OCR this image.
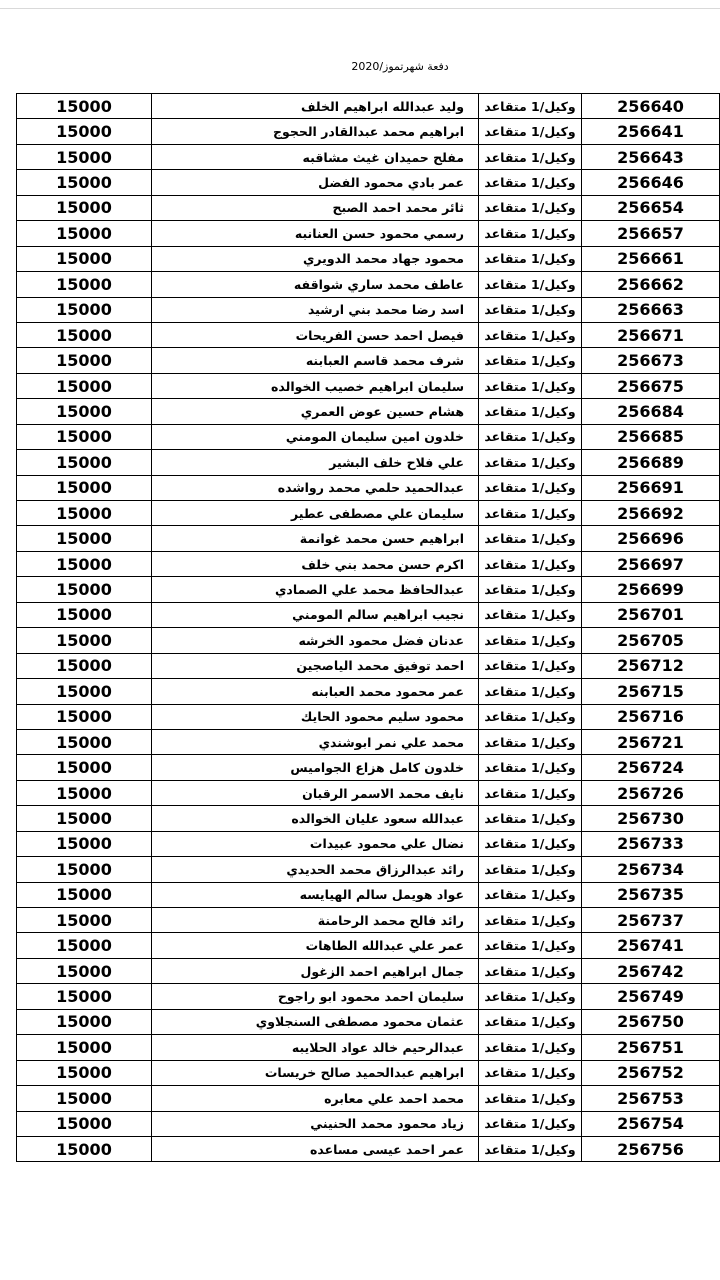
دفعة شهرتموز/2020
15000	وليد عبدالله ابراهيم الخلف	وكيل/1 متقاعد	256640
15000	ابراهيم محمد عبدالقادر الحجوج	وكيل/1 متقاعد	256641
15000	مفلح حميدان غيث مشاقبه	وكيل/1 متقاعد	256643
15000	عمر بادي محمود الفضل	وكيل/1 متقاعد	256646
15000	ثائر محمد احمد الصبح	وكيل/1 متقاعد	256654
15000	رسمي محمود حسن العنانبه	وكيل/1 متقاعد	256657
15000	محمود جهاد محمد الدويري	وكيل/1 متقاعد	256661
15000	عاطف محمد ساري شواقفه	وكيل/1 متقاعد	256662
15000	اسد رضا محمد بني ارشيد	وكيل/1 متقاعد	256663
15000	فيصل احمد حسن الفريحات	وكيل/1 متقاعد	256671
15000	شرف محمد قاسم العبابنه	وكيل/1 متقاعد	256673
15000	سليمان ابراهيم خصيب الخوالده	وكيل/1 متقاعد	256675
15000	هشام حسين عوض العمري	وكيل/1 متقاعد	256684
15000	خلدون امين سليمان المومني	وكيل/1 متقاعد	256685
15000	علي فلاح خلف البشير	وكيل/1 متقاعد	256689
15000	عبدالحميد حلمي محمد رواشده	وكيل/1 متقاعد	256691
15000	سليمان علي مصطفى عطير	وكيل/1 متقاعد	256692
15000	ابراهيم حسن محمد غوانمة	وكيل/1 متقاعد	256696
15000	اكرم حسن محمد بني خلف	وكيل/1 متقاعد	256697
15000	عبدالحافظ محمد علي الصمادي	وكيل/1 متقاعد	256699
15000	نجيب ابراهيم سالم المومني	وكيل/1 متقاعد	256701
15000	عدنان فضل محمود الخرشه	وكيل/1 متقاعد	256705
15000	احمد توفيق محمد الياصجين	وكيل/1 متقاعد	256712
15000	عمر محمود محمد العبابنه	وكيل/1 متقاعد	256715
15000	محمود سليم محمود الحايك	وكيل/1 متقاعد	256716
15000	محمد علي نمر ابوشندي	وكيل/1 متقاعد	256721
15000	خلدون كامل هزاع الجواميس	وكيل/1 متقاعد	256724
15000	نايف محمد الاسمر الرقبان	وكيل/1 متقاعد	256726
15000	عبدالله سعود عليان الخوالده	وكيل/1 متقاعد	256730
15000	نضال علي محمود عبيدات	وكيل/1 متقاعد	256733
15000	رائد عبدالرزاق محمد الحديدي	وكيل/1 متقاعد	256734
15000	عواد هويمل سالم الهيايسه	وكيل/1 متقاعد	256735
15000	رائد فالح محمد الرحامنة	وكيل/1 متقاعد	256737
15000	عمر علي عبدالله الطاهات	وكيل/1 متقاعد	256741
15000	جمال ابراهيم احمد الزغول	وكيل/1 متقاعد	256742
15000	سليمان احمد محمود ابو راجوح	وكيل/1 متقاعد	256749
15000	عثمان محمود مصطفى السنجلاوي	وكيل/1 متقاعد	256750
15000	عبدالرحيم خالد عواد الحلايبه	وكيل/1 متقاعد	256751
15000	ابراهيم عبدالحميد صالح خريسات	وكيل/1 متقاعد	256752
15000	محمد احمد علي معابره	وكيل/1 متقاعد	256753
15000	زياد محمود محمد الحنيني	وكيل/1 متقاعد	256754
15000	عمر احمد عيسى مساعده	وكيل/1 متقاعد	256756
